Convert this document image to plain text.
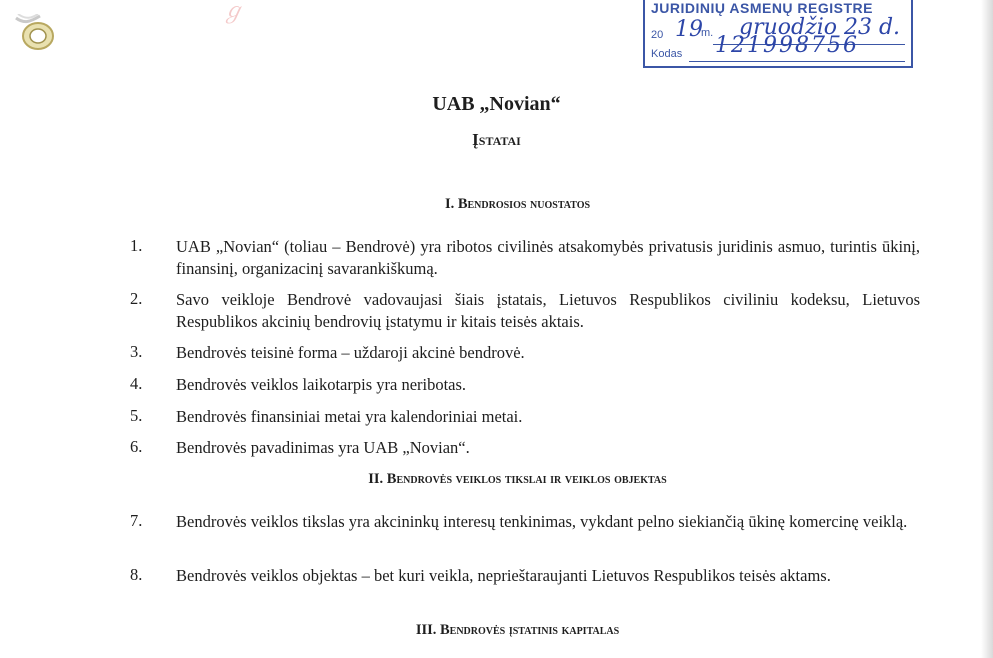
ℊ	JURIDINIŲ ASMENŲ REGISTRE
20 19
m. gruodžio 23 d.
Kodas 121998756
UAB „Novian“
Įstatai
I. Bendrosios nuostatos
1.	UAB „Novian“ (toliau – Bendrovė) yra ribotos civilinės atsakomybės privatusis juridinis asmuo, turintis ūkinį, finansinį, organizacinį savarankiškumą.
2.	Savo veikloje Bendrovė vadovaujasi šiais įstatais, Lietuvos Respublikos civiliniu kodeksu, Lietuvos Respublikos akcinių bendrovių įstatymu ir kitais teisės aktais.
3.	Bendrovės teisinė forma – uždaroji akcinė bendrovė.
4.	Bendrovės veiklos laikotarpis yra neribotas.
5.	Bendrovės finansiniai metai yra kalendoriniai metai.
6.	Bendrovės pavadinimas yra UAB „Novian“.
II. Bendrovės veiklos tikslai ir veiklos objektas
7.	Bendrovės veiklos tikslas yra akcininkų interesų tenkinimas, vykdant pelno siekiančią ūkinę komercinę veiklą.
8.	Bendrovės veiklos objektas – bet kuri veikla, neprieštaraujanti Lietuvos Respublikos teisės aktams.
III. Bendrovės įstatinis kapitalas
